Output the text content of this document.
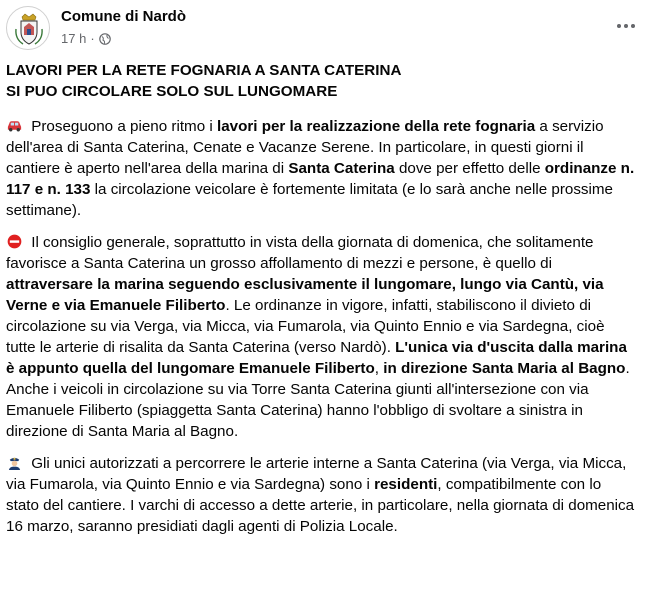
Comune di Nardò
17 h ·

LAVORI PER LA RETE FOGNARIA A SANTA CATERINA
SI PUO CIRCOLARE SOLO SUL LUNGOMARE

Proseguono a pieno ritmo i lavori per la realizzazione della rete fognaria a servizio dell'area di Santa Caterina, Cenate e Vacanze Serene. In particolare, in questi giorni il cantiere è aperto nell'area della marina di Santa Caterina dove per effetto delle ordinanze n. 117 e n. 133 la circolazione veicolare è fortemente limitata (e lo sarà anche nelle prossime settimane).

Il consiglio generale, soprattutto in vista della giornata di domenica, che solitamente favorisce a Santa Caterina un grosso affollamento di mezzi e persone, è quello di attraversare la marina seguendo esclusivamente il lungomare, lungo via Cantù, via Verne e via Emanuele Filiberto. Le ordinanze in vigore, infatti, stabiliscono il divieto di circolazione su via Verga, via Micca, via Fumarola, via Quinto Ennio e via Sardegna, cioè tutte le arterie di risalita da Santa Caterina (verso Nardò). L'unica via d'uscita dalla marina è appunto quella del lungomare Emanuele Filiberto, in direzione Santa Maria al Bagno. Anche i veicoli in circolazione su via Torre Santa Caterina giunti all'intersezione con via Emanuele Filiberto (spiaggetta Santa Caterina) hanno l'obbligo di svoltare a sinistra in direzione di Santa Maria al Bagno.

Gli unici autorizzati a percorrere le arterie interne a Santa Caterina (via Verga, via Micca, via Fumarola, via Quinto Ennio e via Sardegna) sono i residenti, compatibilmente con lo stato del cantiere. I varchi di accesso a dette arterie, in particolare, nella giornata di domenica 16 marzo, saranno presidiati dagli agenti di Polizia Locale.
